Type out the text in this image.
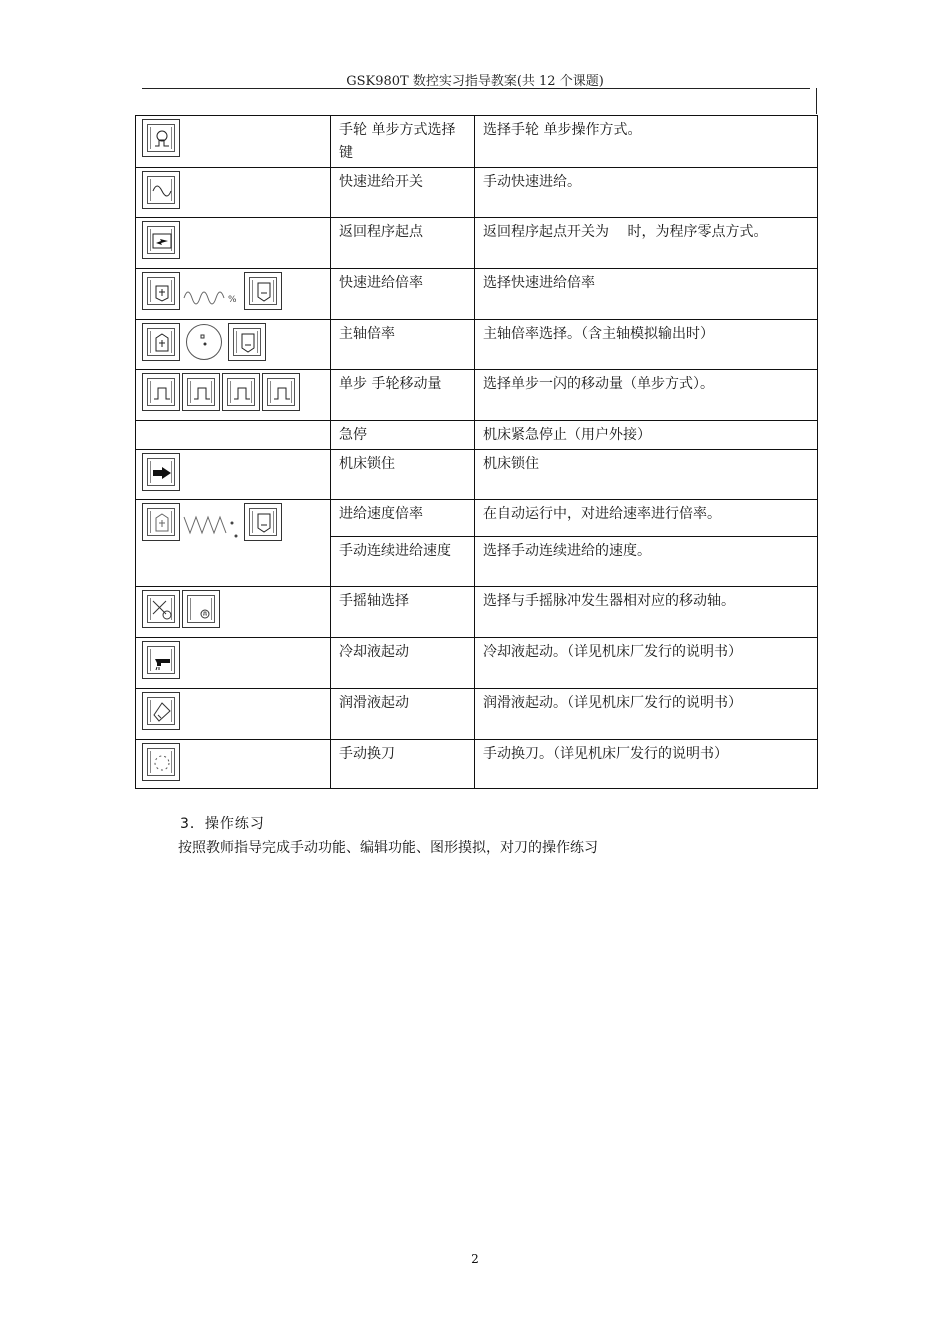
GSK980T 数控实习指导教案(共 12 个课题)
	手轮 单步方式选择键	选择手轮 单步操作方式。

	快速进给开关	手动快速进给。

	返回程序起点	返回程序起点开关为 　时，为程序零点方式。

%	快速进给倍率	选择快速进给倍率

	主轴倍率	主轴倍率选择。（含主轴模拟输出时）

	单步 手轮移动量	选择单步一闪的移动量（单步方式）。
	急停	机床紧急停止（用户外接）

	机床锁住	机床锁住

	进给速度倍率	在自动运行中，对进给速率进行倍率。
	手动连续进给速度	选择手动连续进给的速度。

	手摇轴选择	选择与手摇脉冲发生器相对应的移动轴。

	冷却液起动	冷却液起动。（详见机床厂发行的说明书）

	润滑液起动	润滑液起动。（详见机床厂发行的说明书）

	手动换刀	手动换刀。（详见机床厂发行的说明书）
3．操作练习
按照教师指导完成手动功能、编辑功能、图形摸拟，对刀的操作练习
2
